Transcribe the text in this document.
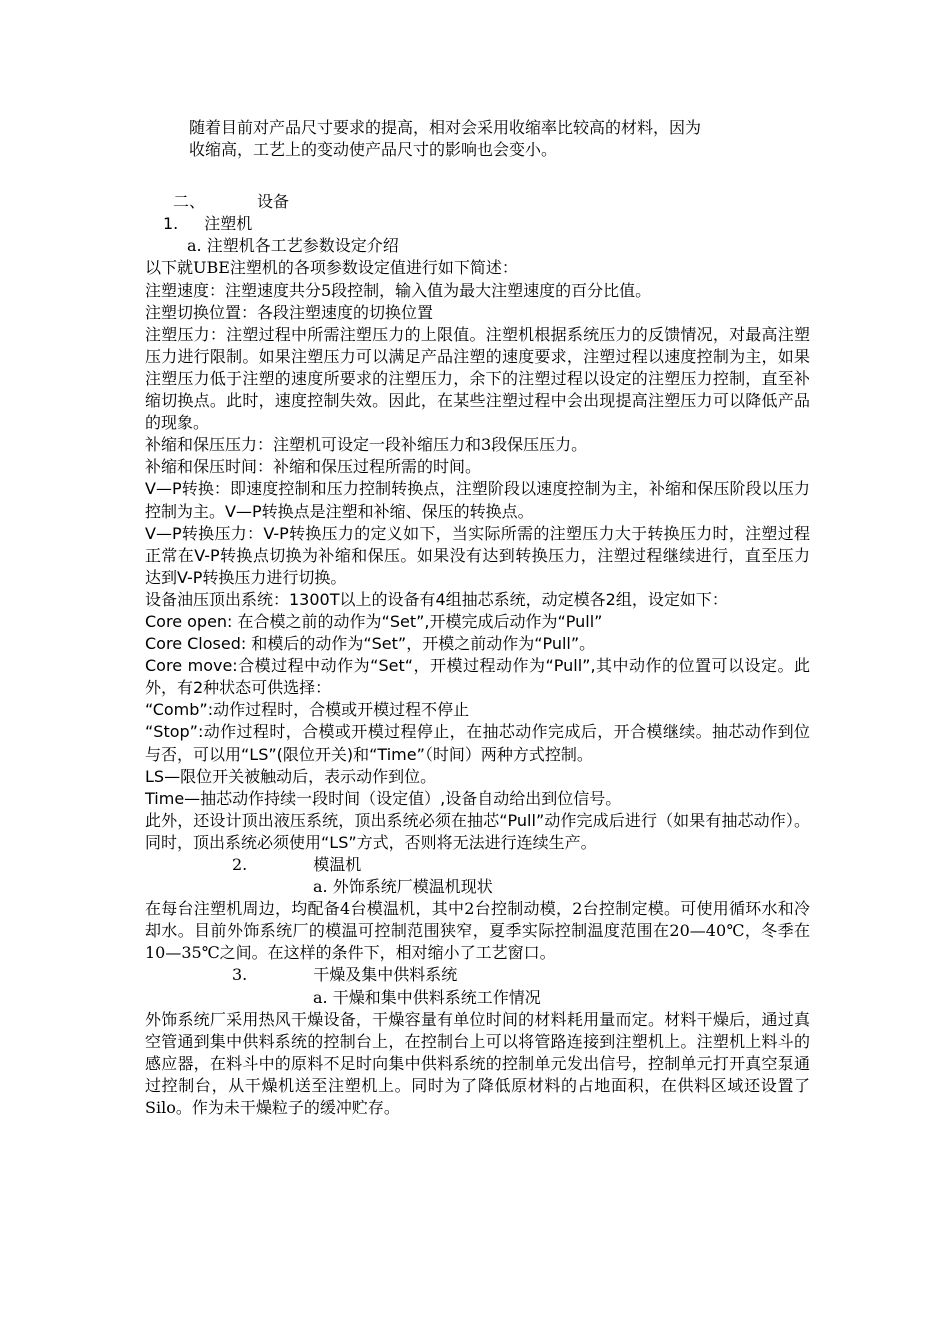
随着目前对产品尺寸要求的提高，相对会采用收缩率比较高的材料，因为
收缩高，工艺上的变动使产品尺寸的影响也会变小。
二、	设备
1. 注塑机
a. 注塑机各工艺参数设定介绍
以下就UBE注塑机的各项参数设定值进行如下简述：
注塑速度：注塑速度共分5段控制，输入值为最大注塑速度的百分比值。
注塑切换位置：各段注塑速度的切换位置
注塑压力：注塑过程中所需注塑压力的上限值。注塑机根据系统压力的反馈情况，对最高注塑压力进行限制。如果注塑压力可以满足产品注塑的速度要求，注塑过程以速度控制为主，如果注塑压力低于注塑的速度所要求的注塑压力，余下的注塑过程以设定的注塑压力控制，直至补缩切换点。此时，速度控制失效。因此，在某些注塑过程中会出现提高注塑压力可以降低产品的现象。
补缩和保压压力：注塑机可设定一段补缩压力和3段保压压力。
补缩和保压时间：补缩和保压过程所需的时间。
V—P转换：即速度控制和压力控制转换点，注塑阶段以速度控制为主，补缩和保压阶段以压力控制为主。V—P转换点是注塑和补缩、保压的转换点。
V—P转换压力：V-P转换压力的定义如下，当实际所需的注塑压力大于转换压力时，注塑过程正常在V-P转换点切换为补缩和保压。如果没有达到转换压力，注塑过程继续进行，直至压力达到V-P转换压力进行切换。
设备油压顶出系统：1300T以上的设备有4组抽芯系统，动定模各2组，设定如下：
Core open: 在合模之前的动作为“Set”,开模完成后动作为“Pull”
Core Closed: 和模后的动作为“Set”，开模之前动作为“Pull”。
Core move:合模过程中动作为“Set“，开模过程动作为“Pull”,其中动作的位置可以设定。此外，有2种状态可供选择：
“Comb”:动作过程时，合模或开模过程不停止
“Stop”:动作过程时，合模或开模过程停止，在抽芯动作完成后，开合模继续。抽芯动作到位与否，可以用“LS”(限位开关)和“Time”（时间）两种方式控制。
LS—限位开关被触动后，表示动作到位。
Time—抽芯动作持续一段时间（设定值）,设备自动给出到位信号。
此外，还设计顶出液压系统，顶出系统必须在抽芯“Pull”动作完成后进行（如果有抽芯动作）。同时，顶出系统必须使用“LS”方式，否则将无法进行连续生产。
2.	模温机
a. 外饰系统厂模温机现状
在每台注塑机周边，均配备4台模温机，其中2台控制动模，2台控制定模。可使用循环水和冷却水。目前外饰系统厂的模温可控制范围狭窄，夏季实际控制温度范围在20—40℃，冬季在10—35℃之间。在这样的条件下，相对缩小了工艺窗口。
3.	干燥及集中供料系统
a. 干燥和集中供料系统工作情况
外饰系统厂采用热风干燥设备，干燥容量有单位时间的材料耗用量而定。材料干燥后，通过真空管通到集中供料系统的控制台上，在控制台上可以将管路连接到注塑机上。注塑机上料斗的感应器，在料斗中的原料不足时向集中供料系统的控制单元发出信号，控制单元打开真空泵通过控制台，从干燥机送至注塑机上。同时为了降低原材料的占地面积，在供料区域还设置了Silo。作为未干燥粒子的缓冲贮存。
